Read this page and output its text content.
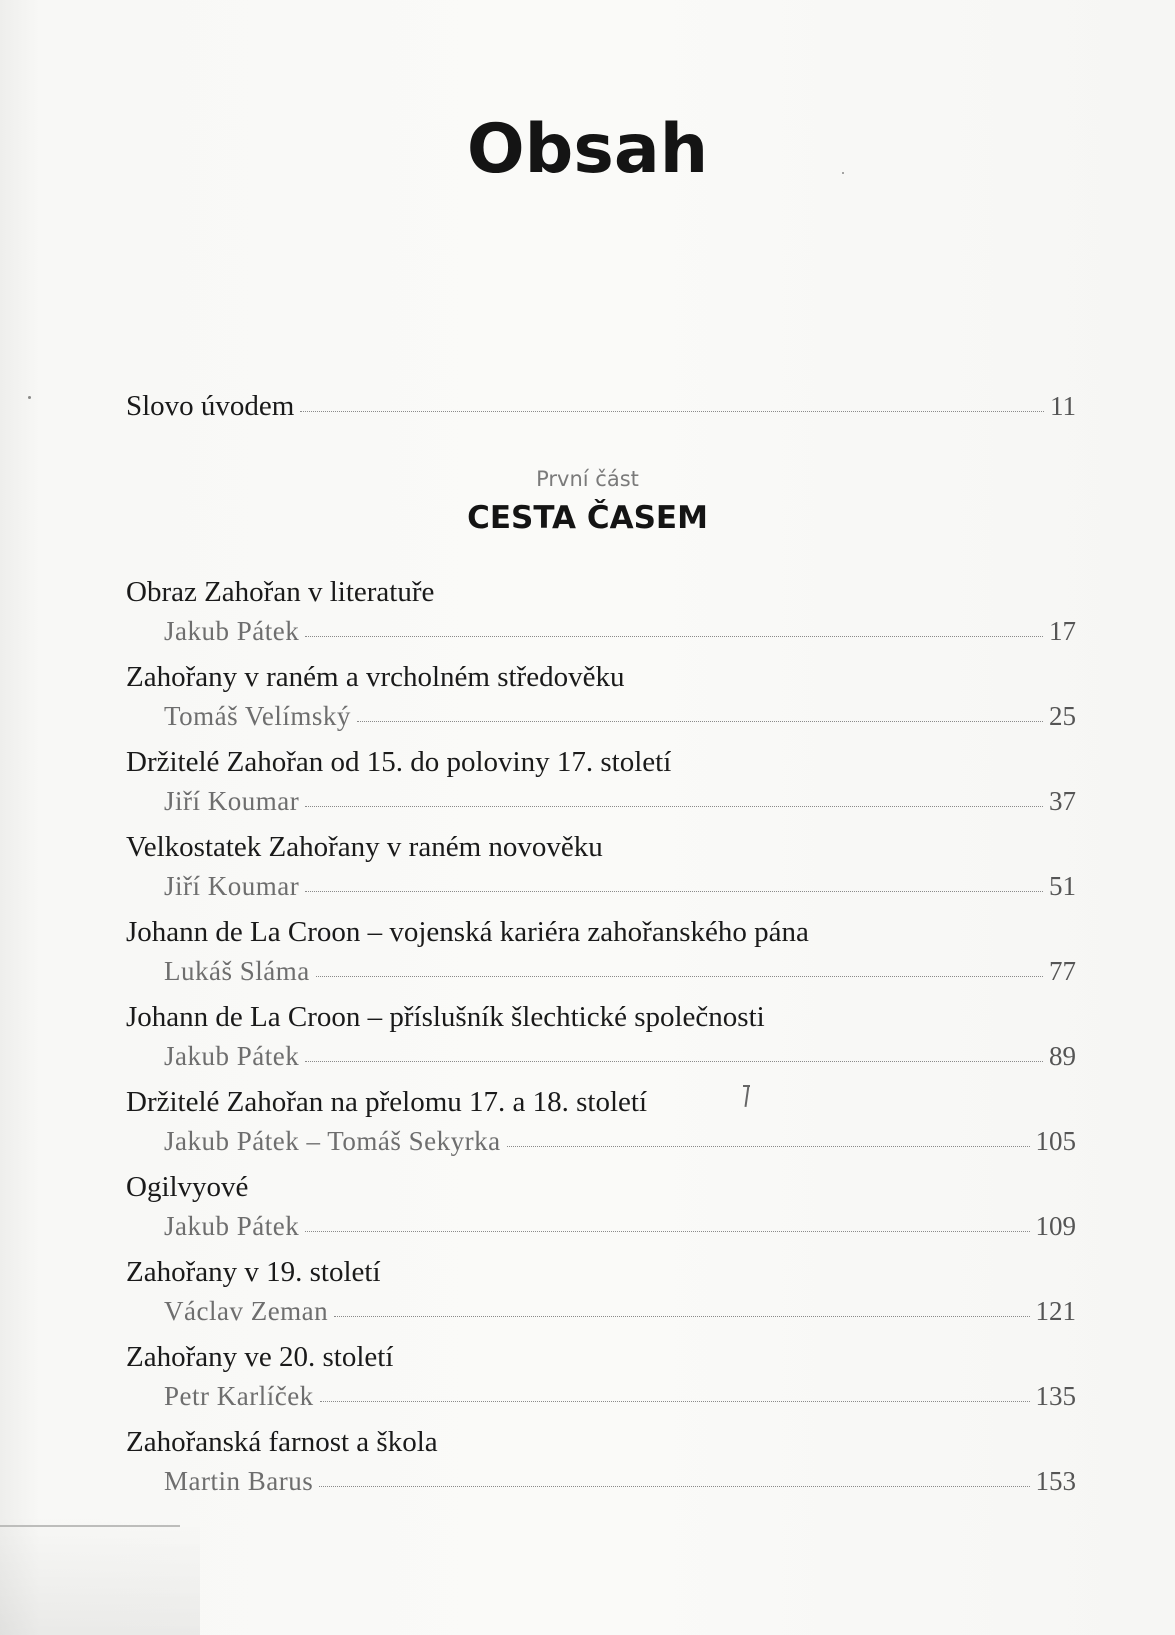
Obsah
Slovo úvodem	11
První část
CESTA ČASEM
Obraz Zahořan v literatuře
Jakub Pátek	17
Zahořany v raném a vrcholném středověku
Tomáš Velímský	25
Držitelé Zahořan od 15. do poloviny 17. století
Jiří Koumar	37
Velkostatek Zahořany v raném novověku
Jiří Koumar	51
Johann de La Croon – vojenská kariéra zahořanského pána
Lukáš Sláma	77
Johann de La Croon – příslušník šlechtické společnosti
Jakub Pátek	89
Držitelé Zahořan na přelomu 17. a 18. století
Jakub Pátek – Tomáš Sekyrka	105
Ogilvyové
Jakub Pátek	109
Zahořany v 19. století
Václav Zeman	121
Zahořany ve 20. století
Petr Karlíček	135
Zahořanská farnost a škola
Martin Barus	153
